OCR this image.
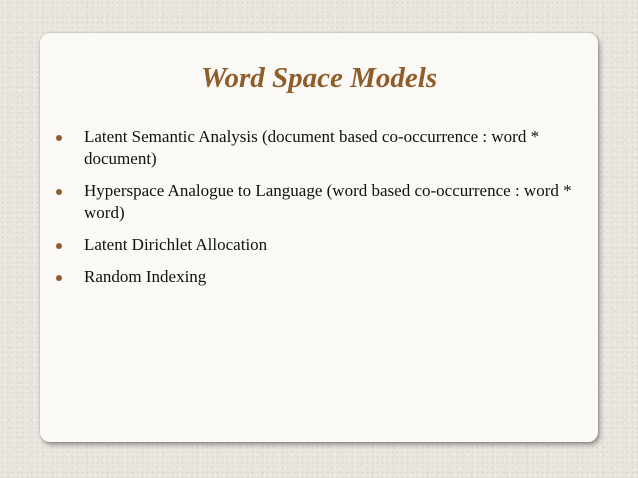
Word Space Models
Latent Semantic Analysis (document based co-occurrence : word * document)
Hyperspace Analogue to Language (word based co-occurrence : word * word)
Latent Dirichlet Allocation
Random Indexing
